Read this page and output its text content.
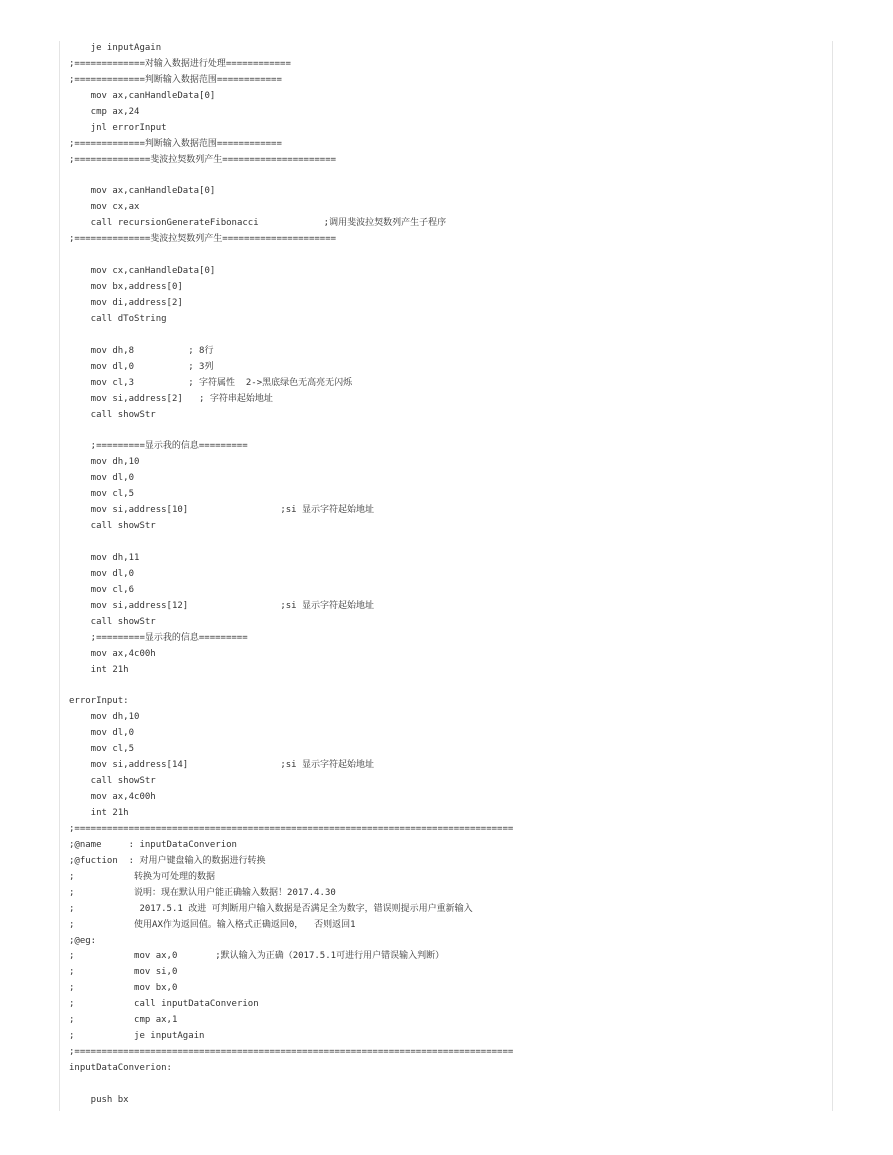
je inputAgain
;=============对输入数据进行处理============
;=============判断输入数据范围============
mov ax,canHandleData[0]
cmp ax,24
jnl errorInput
;=============判断输入数据范围============
;==============斐波拉契数列产生=====================
mov ax,canHandleData[0]
mov cx,ax
call recursionGenerateFibonacci            ;调用斐波拉契数列产生子程序
;==============斐波拉契数列产生=====================
mov cx,canHandleData[0]
mov bx,address[0]
mov di,address[2]
call dToString
mov dh,8          ; 8行
mov dl,0          ; 3列
mov cl,3          ; 字符属性  2->黑底绿色无高亮无闪烁
mov si,address[2]   ; 字符串起始地址
call showStr
;=========显示我的信息=========
mov dh,10
mov dl,0
mov cl,5
mov si,address[10]                 ;si 显示字符起始地址
call showStr
mov dh,11
mov dl,0
mov cl,6
mov si,address[12]                 ;si 显示字符起始地址
call showStr
;=========显示我的信息=========
mov ax,4c00h
int 21h
errorInput:
mov dh,10
mov dl,0
mov cl,5
mov si,address[14]                 ;si 显示字符起始地址
call showStr
mov ax,4c00h
int 21h
;=================================================================================
;@name     : inputDataConverion
;@fuction  : 对用户键盘输入的数据进行转换
;           转换为可处理的数据
;           说明：现在默认用户能正确输入数据！2017.4.30
;            2017.5.1 改进 可判断用户输入数据是否满足全为数字，错误则提示用户重新输入
;           使用AX作为返回值。输入格式正确返回0，  否则返回1
;@eg:
;           mov ax,0       ;默认输入为正确（2017.5.1可进行用户错误输入判断）
;           mov si,0
;           mov bx,0
;           call inputDataConverion
;           cmp ax,1
;           je inputAgain
;=================================================================================
inputDataConverion:
push bx
